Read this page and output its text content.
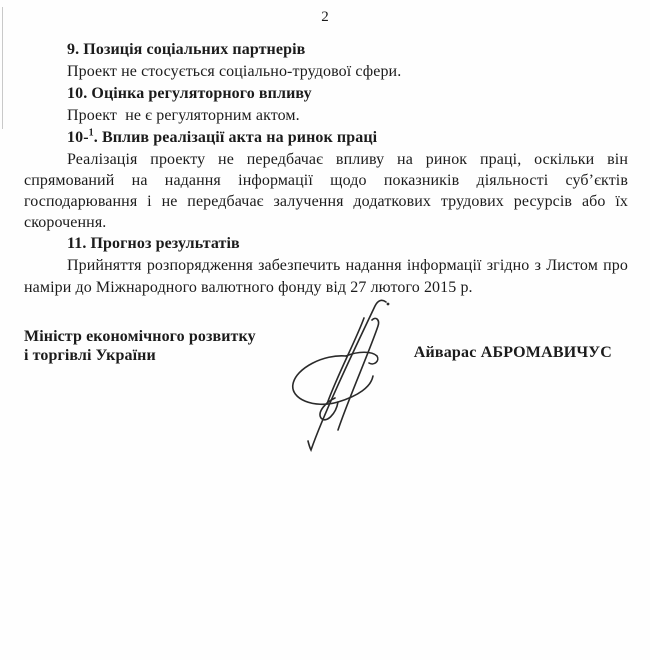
2
9. Позиція соціальних партнерів

Проект не стосується соціально-трудової сфери.

10. Оцінка регуляторного впливу

Проект  не є регуляторним актом.

10-$^1$. Вплив реалізації акта на ринок праці

Реалізація проекту не передбачає впливу на ринок праці, оскільки він спрямований на надання інформації щодо показників діяльності суб’єктів господарювання і не передбачає залучення додаткових трудових ресурсів або їх скорочення.

11. Прогноз результатів

Прийняття розпорядження забезпечить надання інформації згідно з Листом про наміри до Міжнародного валютного фонду від 27 лютого 2015 р.

Міністр економічного розвитку
і торгівлі України	Айварас АБРОМАВИЧУС
